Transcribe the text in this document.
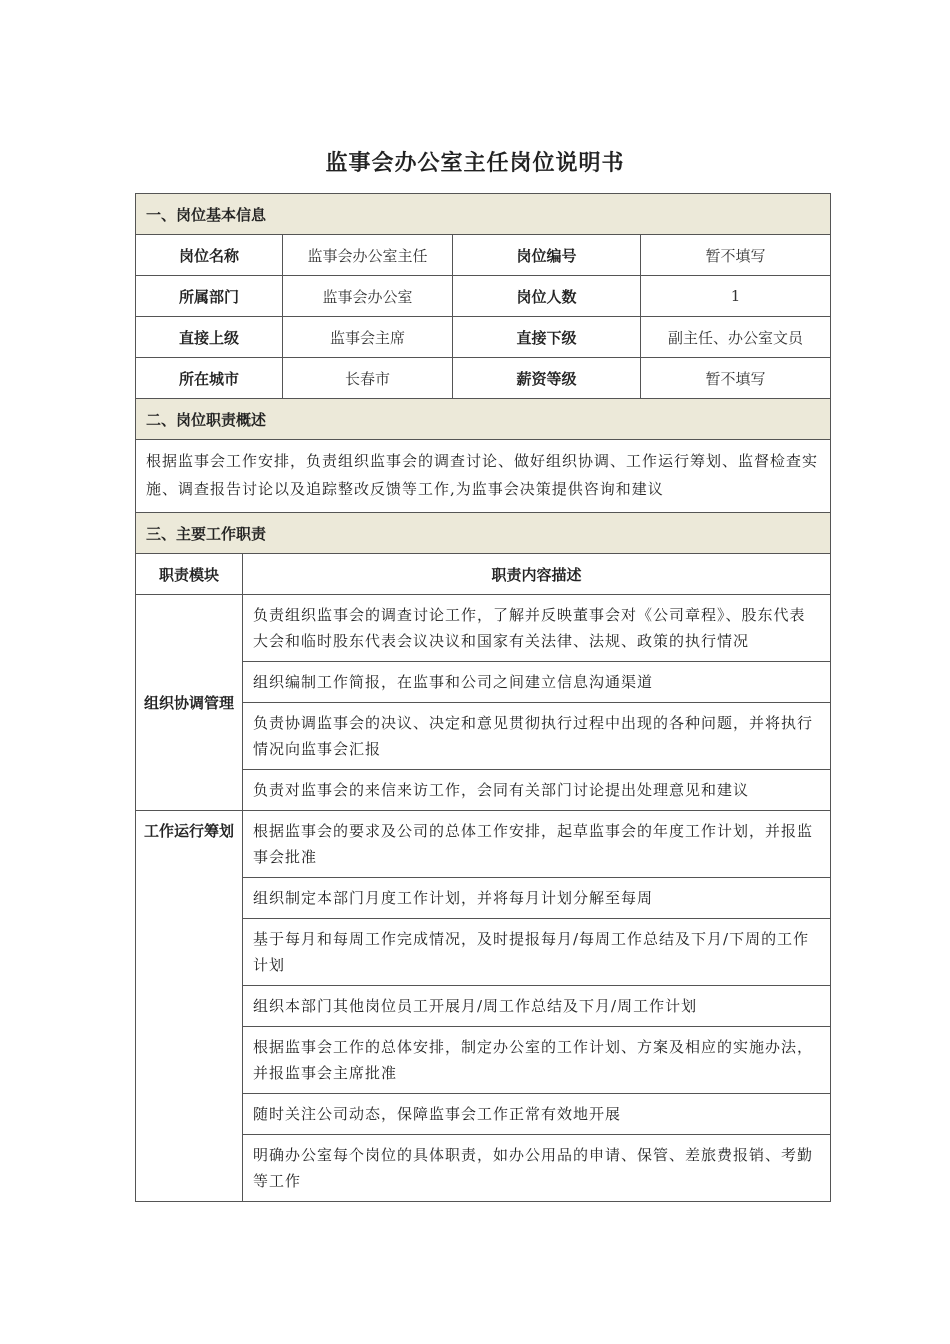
监事会办公室主任岗位说明书
一、岗位基本信息				
岗位名称		监事会办公室主任	岗位编号	暂不填写
所属部门		监事会办公室	岗位人数	1
直接上级		监事会主席	直接下级	副主任、办公室文员
所在城市		长春市	薪资等级	暂不填写
二、岗位职责概述				
根据监事会工作安排，负责组织监事会的调查讨论、做好组织协调、工作运行筹划、监督检查实施、调查报告讨论以及追踪整改反馈等工作,为监事会决策提供咨询和建议				
三、主要工作职责				
职责模块	职责内容描述			
组织协调管理	负责组织监事会的调查讨论工作，了解并反映董事会对《公司章程》、股东代表大会和临时股东代表会议决议和国家有关法律、法规、政策的执行情况			
	组织编制工作简报，在监事和公司之间建立信息沟通渠道			
	负责协调监事会的决议、决定和意见贯彻执行过程中出现的各种问题，并将执行情况向监事会汇报			
	负责对监事会的来信来访工作，会同有关部门讨论提出处理意见和建议			
工作运行筹划	根据监事会的要求及公司的总体工作安排，起草监事会的年度工作计划，并报监事会批准			
	组织制定本部门月度工作计划，并将每月计划分解至每周			
	基于每月和每周工作完成情况，及时提报每月/每周工作总结及下月/下周的工作计划			
	组织本部门其他岗位员工开展月/周工作总结及下月/周工作计划			
	根据监事会工作的总体安排，制定办公室的工作计划、方案及相应的实施办法，并报监事会主席批准			
	随时关注公司动态，保障监事会工作正常有效地开展			
	明确办公室每个岗位的具体职责，如办公用品的申请、保管、差旅费报销、考勤等工作			
